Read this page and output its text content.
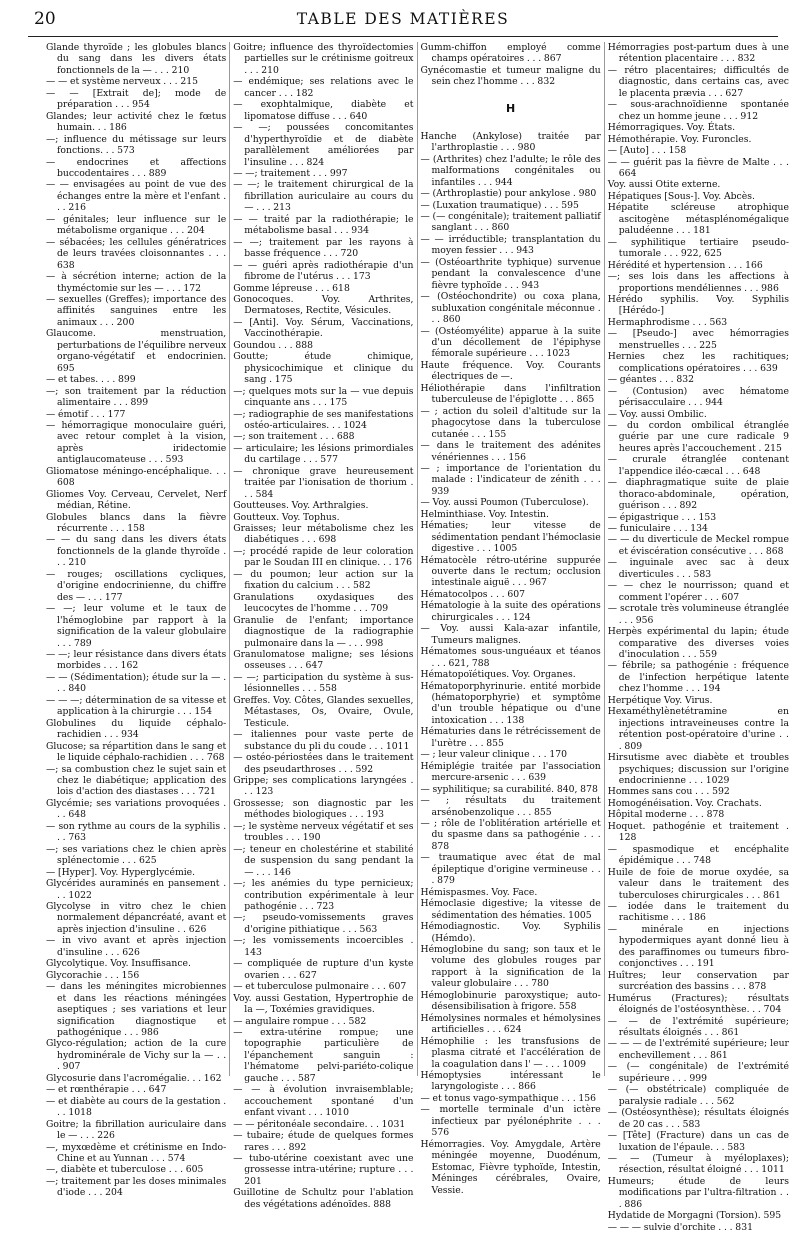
20	TABLE DES MATIÈRES
Glande thyroïde ; les globules blancs du sang dans les divers états fonctionnels de la — . . . 210
— — et système nerveux . . . 215
— — [Extrait de]; mode de préparation . . . 954
Glandes; leur activité chez le fœtus humain. . . 186
—; influence du métissage sur leurs fonctions. . . 573
— endocrines et affections buccodentaires . . . 889
— — envisagées au point de vue des échanges entre la mère et l'enfant . . . 216
— génitales; leur influence sur le métabolisme organique . . . 204
— sébacées; les cellules génératrices de leurs travées cloisonnantes . . . 638
— à sécrétion interne; action de la thyméctomie sur les — . . . 172
— sexuelles (Greffes); importance des affinités sanguines entre les animaux . . . 200
Glaucome. menstruation, perturbations de l'équilibre nerveux organo-végétatif et endocrinien. 695
— et tabes. . . . 899
—; son traitement par la réduction alimentaire . . . 899
— émotif . . . 177
— hémorragique monoculaire guéri, avec retour complet à la vision, après iridectomie antiglaucomateuse . . . 593
Gliomatose méningo-encéphalique. . . 608
Gliomes Voy. Cerveau, Cervelet, Nerf médian, Rétine.
Globules blancs dans la fièvre récurrente . . . 158
— — du sang dans les divers états fonctionnels de la glande thyroïde . . . 210
— rouges; oscillations cycliques, d'origine endocrinienne, du chiffre des — . . . 177
— —; leur volume et le taux de l'hémoglobine par rapport à la signification de la valeur globulaire . . . 789
— —; leur résistance dans divers états morbides . . . 162
— — (Sédimentation); étude sur la — . . . 840
— — —; détermination de sa vitesse et application à la chirurgie . . . 154
Globulines du liquide céphalo-rachidien . . . 934
Glucose; sa répartition dans le sang et le liquide céphalo-rachidien . . . 768
—; sa combustion chez le sujet sain et chez le diabétique; application des lois d'action des diastases . . . 721
Glycémie; ses variations provoquées . . . 648
— son rythme au cours de la syphilis . . . 763
—; ses variations chez le chien après splénectomie . . . 625
— [Hyper]. Voy. Hyperglycémie.
Glycérides auraminés en pansement . . . 1022
Glycolyse in vitro chez le chien normalement dépancréaté, avant et après injection d'insuline . . 626
— in vivo avant et après injection d'insuline . . . 626
Glycolytique. Voy. Insuffisance.
Glycorachie . . . 156
— dans les méningites microbiennes et dans les réactions méningées aseptiques ; ses variations et leur signification diagnostique et pathogénique . . . 986
Glyco-régulation; action de la cure hydrominérale de Vichy sur la — . . . 907
Glycosurie dans l'acromégalie. . . 162
— et rœnthérapie . . . 647
— et diabète au cours de la gestation . . . 1018
Goitre; la fibrillation auriculaire dans le — . . . 226
—, myxœdème et crétinisme en Indo-Chine et au Yunnan . . . 574
—, diabète et tuberculose . . . 605
—; traitement par les doses minimales d'iode . . . 204
Goitre; influence des thyroïdectomies partielles sur le crétinisme goitreux . . . 210
— endémique; ses relations avec le cancer . . . 182
— exophtalmique, diabète et lipomatose diffuse . . . 640
— —; poussées concomitantes d'hyperthyroïdie et de diabète parallèlement améliorées par l'insuline . . . 824
— —; traitement . . . 997
— —; le traitement chirurgical de la fibrillation auriculaire au cours du — . . . 213
— — traité par la radiothérapie; le métabolisme basal . . . 934
— —; traitement par les rayons à basse fréquence . . . 720
— — guéri après radiothérapie d'un fibrome de l'utérus . . . 173
Gomme lépreuse . . . 618
Gonocoques. Voy. Arthrites, Dermatoses, Rectite, Vésicules.
— [Anti]. Voy. Sérum, Vaccinations, Vaccinothérapie.
Goundou . . . 888
Goutte; étude chimique, physicochimique et clinique du sang . 175
—; quelques mots sur la — vue depuis cinquante ans . . . 175
—; radiographie de ses manifestations ostéo-articulaires. . . 1024
—; son traitement . . . 688
— articulaire; les lésions primordiales du cartilage . . . 577
— chronique grave heureusement traitée par l'ionisation de thorium . . . 584
Goutteuses. Voy. Arthralgies.
Goutteux. Voy. Tophus.
Graisses; leur métabolisme chez les diabétiques . . . 698
—; procédé rapide de leur coloration par le Soudan III en clinique. . . 176
— du poumon; leur action sur la fixation du calcium . . . 582
Granulations oxydasiques des leucocytes de l'homme . . . 709
Granulie de l'enfant; importance diagnostique de la radiographie pulmonaire dans la — . . . 998
Granulomatose maligne; ses lésions osseuses . . . 647
— —; participation du système à sus-lésionnelles . . . 558
Greffes. Voy. Côtes, Glandes sexuelles, Métastases, Os, Ovaire, Ovule, Testicule.
— italiennes pour vaste perte de substance du pli du coude . . . 1011
— ostéo-périostées dans le traitement des pseudarthroses . . . 592
Grippe; ses complications laryngées . . . 123
Grossesse; son diagnostic par les méthodes biologiques . . . 193
—; le système nerveux végétatif et ses troubles . . . 190
—; teneur en cholestérine et stabilité de suspension du sang pendant la — . . . 146
—; les anémies du type pernicieux; contribution expérimentale à leur pathogénie . . . 723
—; pseudo-vomissements graves d'origine pithiatique . . . 563
—; les vomissements incoercibles . 143
— compliquée de rupture d'un kyste ovarien . . . 627
— et tuberculose pulmonaire . . . 607
Voy. aussi Gestation, Hypertrophie de la —, Toxémies gravidiques.
— angulaire rompue . . . 582
— extra-utérine rompue; une topographie particulière de l'épanchement sanguin : l'hématome pelvi-pariéto-colique gauche . . . 587
— — à évolution invraisemblable; accouchement spontané d'un enfant vivant . . . 1010
— — péritonéale secondaire. . . 1031
— tubaire; étude de quelques formes rares . . . 892
— tubo-utérine coexistant avec une grossesse intra-utérine; rupture . . . 201
Guillotine de Schultz pour l'ablation des végétations adénoïdes. 888
Gumm-chiffon employé comme champs opératoires . . . 867
Gynécomastie et tumeur maligne du sein chez l'homme . . . 832
H
Hanche (Ankylose) traitée par l'arthroplastie . . . 980
— (Arthrites) chez l'adulte; le rôle des malformations congénitales ou infantiles . . . 944
— (Arthroplastie) pour ankylose . 980
— (Luxation traumatique) . . . 595
— (— congénitale); traitement palliatif sanglant . . . 860
— — irréductible; transplantation du moyen fessier . . . 943
— (Ostéoarthrite typhique) survenue pendant la convalescence d'une fièvre typhoïde . . . 943
— (Ostéochondrite) ou coxa plana, subluxation congénitale méconnue . . . 860
— (Ostéomyélite) apparue à la suite d'un décollement de l'épiphyse fémorale supérieure . . . 1023
Haute fréquence. Voy. Courants électriques de —.
Héliothérapie dans l'infiltration tuberculeuse de l'épiglotte . . . 865
— ; action du soleil d'altitude sur la phagocytose dans la tuberculose cutanée . . . 155
— dans le traitement des adénites vénériennes . . . 156
— ; importance de l'orientation du malade : l'indicateur de zénith . . . 939
— Voy. aussi Poumon (Tuberculose).
Helminthiase. Voy. Intestin.
Hématies; leur vitesse de sédimentation pendant l'hémoclasie digestive . . . 1005
Hématocèle rétro-utérine suppurée ouverte dans le rectum; occlusion intestinale aiguë . . . 967
Hématocolpos . . . 607
Hématologie à la suite des opérations chirurgicales . . . 124
— Voy. aussi Kala-azar infantile, Tumeurs malignes.
Hématomes sous-unguéaux et téanos . . . 621, 788
Hématopoïétiques. Voy. Organes.
Hématoporphyrinurie. entité morbide (hématoporphyrie) et symptôme d'un trouble hépatique ou d'une intoxication . . . 138
Hématuries dans le rétrécissement de l'urètre . . . 855
— ; leur valeur clinique . . . 170
Hémiplégie traitée par l'association mercure-arsenic . . . 639
— syphilitique; sa curabilité. 840, 878
— ; résultats du traitement arsénobenzolique . . . 855
— ; rôle de l'oblitération artérielle et du spasme dans sa pathogénie . . . 878
— traumatique avec état de mal épileptique d'origine vermineuse . . . 879
Hémispasmes. Voy. Face.
Hémoclasie digestive; la vitesse de sédimentation des hématies. 1005
Hémodiagnostic. Voy. Syphilis (Hémdo).
Hémoglobine du sang; son taux et le volume des globules rouges par rapport à la signification de la valeur globulaire . . . 780
Hémoglobinurie paroxystique; auto-désensibilisation à frigore. 558
Hémolysines normales et hémolysines artificielles . . . 624
Hémophilie : les transfusions de plasma citraté et l'accélération de la coagulation dans l' — . . . 1009
Hémoptysies intéressant le laryngologiste . . . 866
— et tonus vago-sympathique . . . 156
— mortelle terminale d'un ictère infectieux par pyélonéphrite . . . 576
Hémorragies. Voy. Amygdale, Artère méningée moyenne, Duodénum, Estomac, Fièvre typhoïde, Intestin, Méninges cérébrales, Ovaire, Vessie.
Hémorragies post-partum dues à une rétention placentaire . . . 832
— rétro placentaires; difficultés de diagnostic, dans certains cas, avec le placenta prævia . . . 627
— sous-arachnoïdienne spontanée chez un homme jeune . . . 912
Hémorragiques. Voy. États.
Hémothérapie. Voy. Furoncles.
— [Auto] . . . 158
— — guérit pas la fièvre de Malte . . . 664
Voy. aussi Otite externe.
Hépatiques [Sous-]. Voy. Abcès.
Hépatite scléreuse atrophique ascitogène métasplénomégalique paludéenne . . . 181
— syphilitique tertiaire pseudo-tumorale . . . 922, 625
Hérédité et hypertension . . . 166
—; ses lois dans les affections à proportions mendéliennes . . . 986
Hérédo syphilis. Voy. Syphilis [Hérédo-]
Hermaphrodisme . . . 563
— [Pseudo-] avec hémorragies menstruelles . . . 225
Hernies chez les rachitiques; complications opératoires . . . 639
— géantes . . . 832
— (Contusion) avec hématome périsacculaire . . . 944
— Voy. aussi Ombilic.
— du cordon ombilical étranglée guérie par une cure radicale 9 heures après l'accouchement . 215
— crurale étranglée contenant l'appendice iléo-cæcal . . . 648
— diaphragmatique suite de plaie thoraco-abdominale, opération, guérison . . . 892
— épigastrique . . . 153
— funiculaire . . . 134
— — du diverticule de Meckel rompue et éviscération consécutive . . . 868
— inguinale avec sac à deux diverticules . . . 583
— — chez le nourrisson; quand et comment l'opérer . . . 607
— scrotale très volumineuse étranglée . . . 956
Herpès expérimental du lapin; étude comparative des diverses voies d'inoculation . . . 559
— fébrile; sa pathogénie : fréquence de l'infection herpétique latente chez l'homme . . . 194
Herpétique Voy. Virus.
Hexaméthylènetétramine en injections intraveineuses contre la rétention post-opératoire d'urine . . . 809
Hirsutisme avec diabète et troubles psychiques; discussion sur l'origine endocrinienne . . . 1029
Hommes sans cou . . . 592
Homogénéisation. Voy. Crachats.
Hôpital moderne . . . 878
Hoquet. pathogénie et traitement . 128
— spasmodique et encéphalite épidémique . . . 748
Huile de foie de morue oxydée, sa valeur dans le traitement des tuberculoses chirurgicales . . . 861
— iodée dans le traitement du rachitisme . . . 186
— minérale en injections hypodermiques ayant donné lieu à des paraffinomes ou tumeurs fibro-conjonctives . . . 191
Huîtres; leur conservation par surcréation des bassins . . . 878
Humérus (Fractures); résultats éloignés de l'ostéosynthèse. . . 704
— — de l'extrémité supérieure; résultats éloignés . . . 861
— — — de l'extrémité supérieure; leur enchevillement . . . 861
— (— congénitale) de l'extrémité supérieure . . . 999
— (— obstétricale) compliquée de paralysie radiale . . . 562
— (Ostéosynthèse); résultats éloignés de 20 cas . . . 583
— [Tête] (Fracture) dans un cas de luxation de l'épaule. . . 583
— — (Tumeur à myéloplaxes); résection, résultat éloigné . . . 1011
Humeurs; étude de leurs modifications par l'ultra-filtration . . . 886
Hydatide de Morgagni (Torsion). 595
— — — sulvie d'orchite . . . 831
